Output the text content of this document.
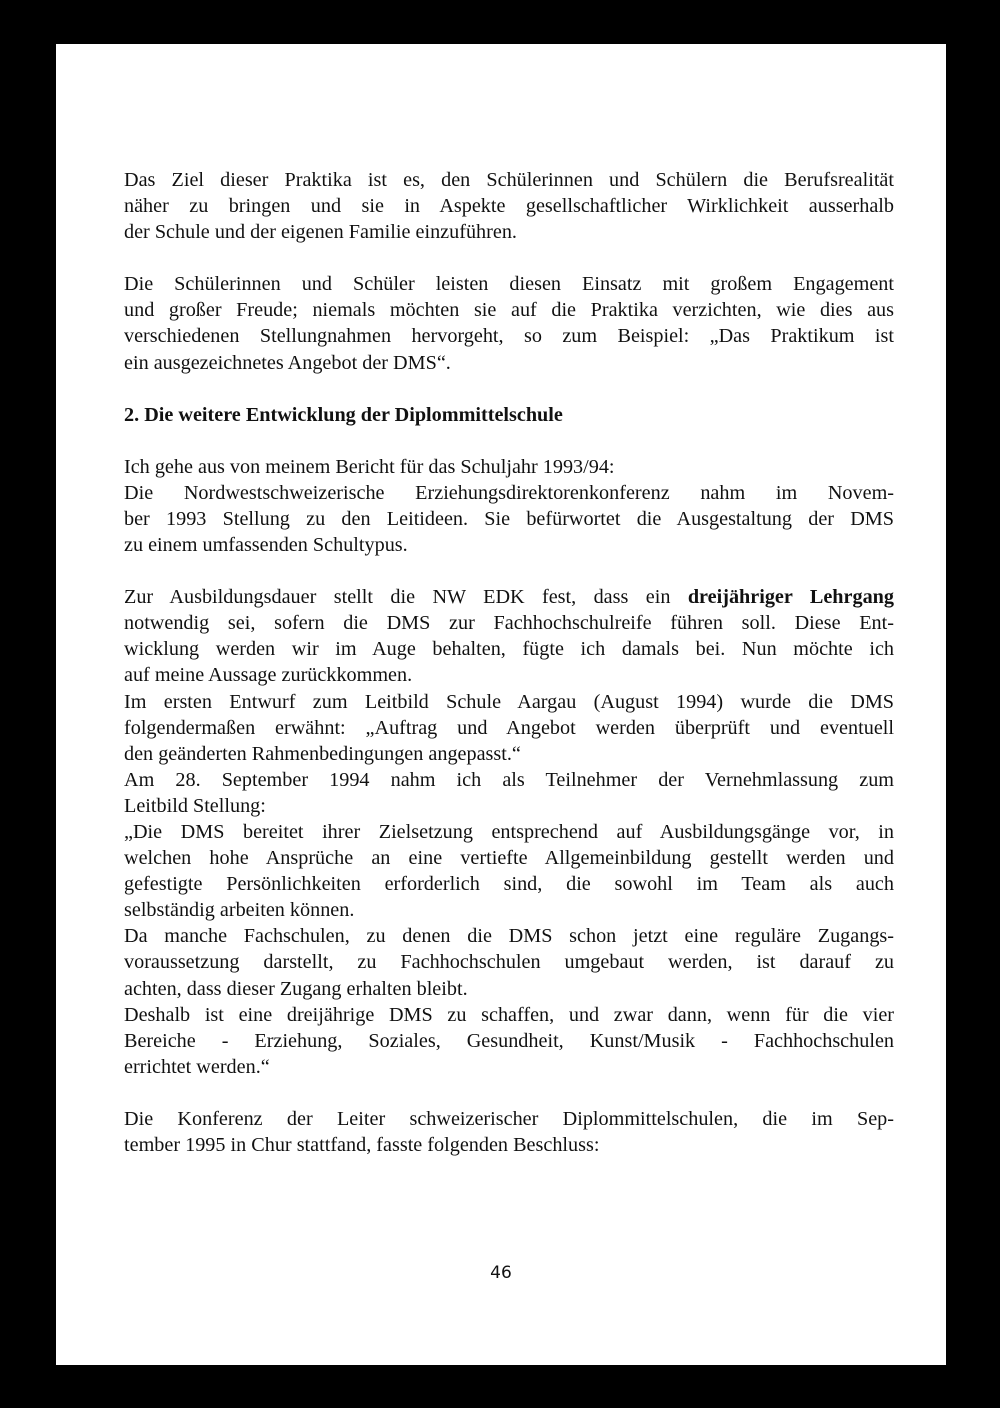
Das Ziel dieser Praktika ist es, den Schülerinnen und Schülern die Berufsrealität
näher zu bringen und sie in Aspekte gesellschaftlicher Wirklichkeit ausserhalb
der Schule und der eigenen Familie einzuführen.
Die Schülerinnen und Schüler leisten diesen Einsatz mit großem Engagement
und großer Freude; niemals möchten sie auf die Praktika verzichten, wie dies aus
verschiedenen Stellungnahmen hervorgeht, so zum Beispiel: „Das Praktikum ist
ein ausgezeichnetes Angebot der DMS“.
2. Die weitere Entwicklung der Diplommittelschule
Ich gehe aus von meinem Bericht für das Schuljahr 1993/94:
Die Nordwestschweizerische Erziehungsdirektorenkonferenz nahm im Novem-
ber 1993 Stellung zu den Leitideen. Sie befürwortet die Ausgestaltung der DMS
zu einem umfassenden Schultypus.
Zur Ausbildungsdauer stellt die NW EDK fest, dass ein dreijähriger Lehrgang
notwendig sei, sofern die DMS zur Fachhochschulreife führen soll. Diese Ent-
wicklung werden wir im Auge behalten, fügte ich damals bei. Nun möchte ich
auf meine Aussage zurückkommen.
Im ersten Entwurf zum Leitbild Schule Aargau (August 1994) wurde die DMS
folgendermaßen erwähnt: „Auftrag und Angebot werden überprüft und eventuell
den geänderten Rahmenbedingungen angepasst.“
Am 28. September 1994 nahm ich als Teilnehmer der Vernehmlassung zum
Leitbild Stellung:
„Die DMS bereitet ihrer Zielsetzung entsprechend auf Ausbildungsgänge vor, in
welchen hohe Ansprüche an eine vertiefte Allgemeinbildung gestellt werden und
gefestigte Persönlichkeiten erforderlich sind, die sowohl im Team als auch
selbständig arbeiten können.
Da manche Fachschulen, zu denen die DMS schon jetzt eine reguläre Zugangs-
voraussetzung darstellt, zu Fachhochschulen umgebaut werden, ist darauf zu
achten, dass dieser Zugang erhalten bleibt.
Deshalb ist eine dreijährige DMS zu schaffen, und zwar dann, wenn für die vier
Bereiche - Erziehung, Soziales, Gesundheit, Kunst/Musik - Fachhochschulen
errichtet werden.“
Die Konferenz der Leiter schweizerischer Diplommittelschulen, die im Sep-
tember 1995 in Chur stattfand, fasste folgenden Beschluss:
46
